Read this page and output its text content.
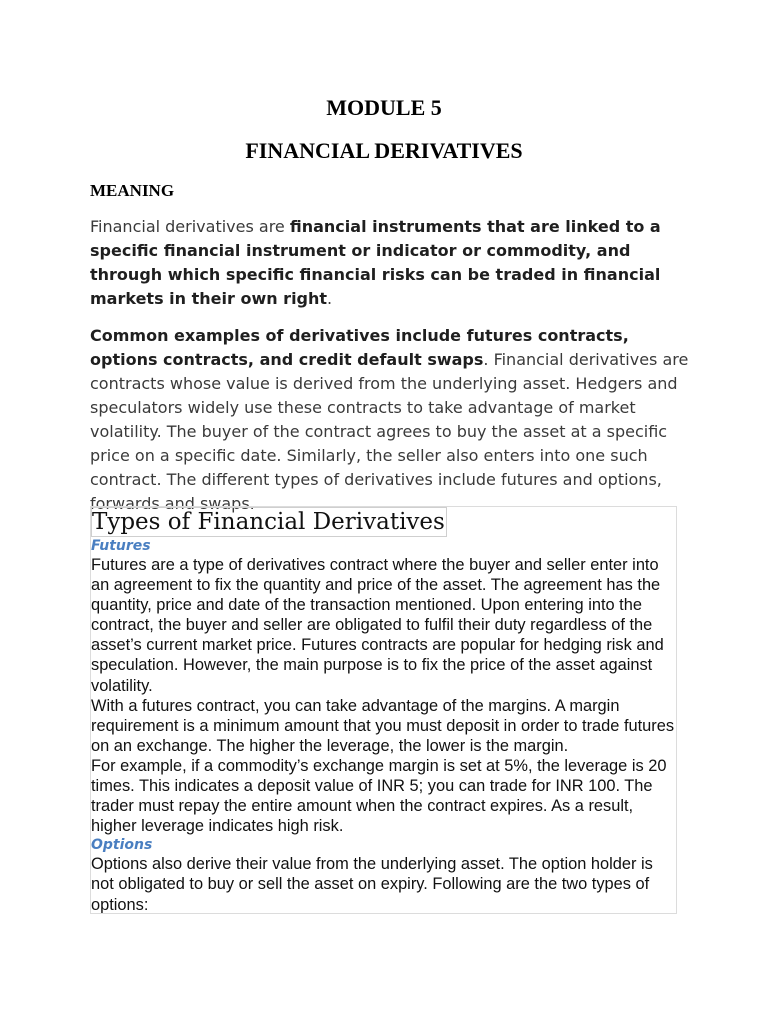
MODULE 5
FINANCIAL DERIVATIVES
MEANING

Financial derivatives are financial instruments that are linked to a specific financial instrument or indicator or commodity, and through which specific financial risks can be traded in financial markets in their own right.

Common examples of derivatives include futures contracts, options contracts, and credit default swaps. Financial derivatives are contracts whose value is derived from the underlying asset. Hedgers and speculators widely use these contracts to take advantage of market volatility. The buyer of the contract agrees to buy the asset at a specific price on a specific date. Similarly, the seller also enters into one such contract. The different types of derivatives include futures and options, forwards and swaps.

Types of Financial Derivatives
Futures

Futures are a type of derivatives contract where the buyer and seller enter into an agreement to fix the quantity and price of the asset. The agreement has the quantity, price and date of the transaction mentioned. Upon entering into the contract, the buyer and seller are obligated to fulfil their duty regardless of the asset’s current market price. Futures contracts are popular for hedging risk and speculation. However, the main purpose is to fix the price of the asset against volatility.

With a futures contract, you can take advantage of the margins. A margin requirement is a minimum amount that you must deposit in order to trade futures on an exchange. The higher the leverage, the lower is the margin.

For example, if a commodity’s exchange margin is set at 5%, the leverage is 20 times. This indicates a deposit value of INR 5; you can trade for INR 100. The trader must repay the entire amount when the contract expires. As a result, higher leverage indicates high risk.

Options

Options also derive their value from the underlying asset. The option holder is not obligated to buy or sell the asset on expiry. Following are the two types of options:
